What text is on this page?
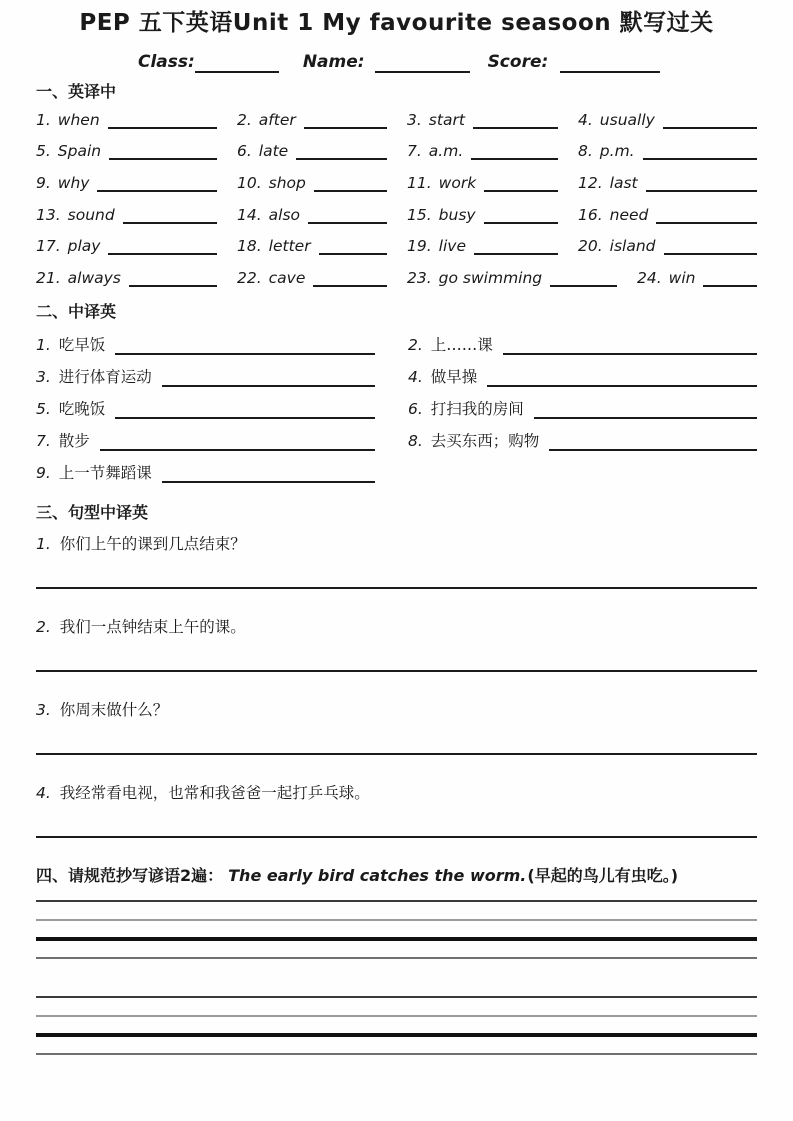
PEP 五下英语Unit 1 My favourite seasoon 默写过关
Class:	Name:	Score:
一、英译中
1. when	2. after	3. start	4. usually
5. Spain	6. late	7. a.m.	8. p.m.
9. why	10. shop	11. work	12. last
13. sound	14. also	15. busy	16. need
17. play	18. letter	19. live	20. island
21. always	22. cave	23. go swimming	24. win
二、中译英
1. 吃早饭	2. 上……课
3. 进行体育运动	4. 做早操
5. 吃晚饭	6. 打扫我的房间
7. 散步	8. 去买东西；购物
9. 上一节舞蹈课
三、句型中译英
1. 你们上午的课到几点结束？
2. 我们一点钟结束上午的课。
3. 你周末做什么？
4. 我经常看电视，也常和我爸爸一起打乒乓球。
四、请规范抄写谚语2遍： The early bird catches the worm.(早起的鸟儿有虫吃。)
